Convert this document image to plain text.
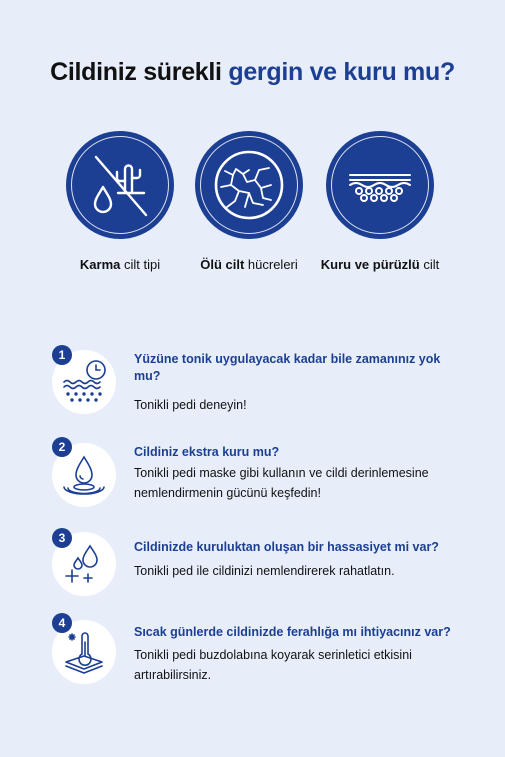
Cildiniz sürekli gergin ve kuru mu?
Karma cilt tipi	Ölü cilt hücreleri	Kuru ve pürüzlü cilt
1	Yüzüne tonik uygulayacak kadar bile zamanınız yok mu?
Tonikli pedi deneyin!
2	Cildiniz ekstra kuru mu?
Tonikli pedi maske gibi kullanın ve cildi derinlemesine nemlendirmenin gücünü keşfedin!
3
Cildinizde kuruluktan oluşan bir hassasiyet mi var?
Tonikli ped ile cildinizi nemlendirerek rahatlatın.
4
Sıcak günlerde cildinizde ferahlığa mı ihtiyacınız var?
Tonikli pedi buzdolabına koyarak serinletici etkisini artırabilirsiniz.
